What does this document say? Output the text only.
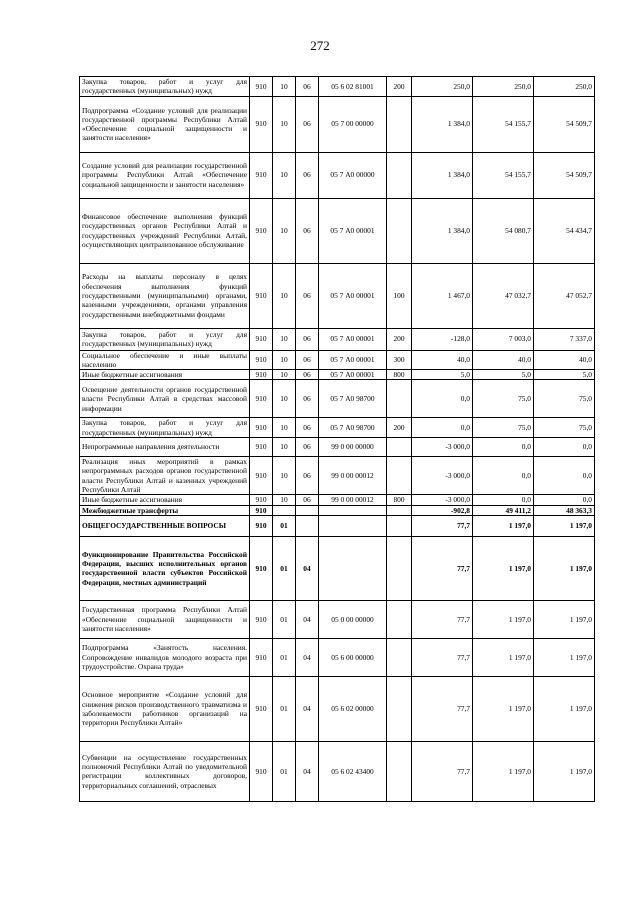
272
Закупка товаров, работ и услуг для государственных (муниципальных) нужд	910	10	06	05 6 02 81001	200	250,0	250,0	250,0
Подпрограмма «Создание условий для реализации государственной программы Республики Алтай «Обеспечение социальной защищенности и занятости населения»	910	10	06	05 7 00 00000		1 384,0	54 155,7	54 509,7
Создание условий для реализации государственной программы Республики Алтай «Обеспечение социальной защищенности и занятости населения»	910	10	06	05 7 А0 00000		1 384,0	54 155,7	54 509,7
Финансовое обеспечение выполнения функций государственных органов Республики Алтай и государственных учреждений Республики Алтай, осуществляющих централизованное обслуживание	910	10	06	05 7 А0 00001		1 384,0	54 080,7	54 434,7
Расходы на выплаты персоналу в целях обеспечения выполнения функций государственными (муниципальными) органами, казенными учреждениями, органами управления государственными внебюджетными фондами	910	10	06	05 7 А0 00001	100	1 467,0	47 032,7	47 052,7
Закупка товаров, работ и услуг для государственных (муниципальных) нужд	910	10	06	05 7 А0 00001	200	-128,0	7 003,0	7 337,0
Социальное обеспечение и иные выплаты населению	910	10	06	05 7 А0 00001	300	40,0	40,0	40,0
Иные бюджетные ассигнования	910	10	06	05 7 А0 00001	800	5,0	5,0	5,0
Освещение деятельности органов государственной власти Республики Алтай в средствах массовой информации	910	10	06	05 7 А0 98700		0,0	75,0	75,0
Закупка товаров, работ и услуг для государственных (муниципальных) нужд	910	10	06	05 7 А0 98700	200	0,0	75,0	75,0
Непрограммные направления деятельности	910	10	06	99 0 00 00000		-3 000,0	0,0	0,0
Реализация иных мероприятий в рамках непрограммных расходов органов государственной власти Республики Алтай и казенных учреждений Республики Алтай	910	10	06	99 0 00 00012		-3 000,0	0,0	0,0
Иные бюджетные ассигнования	910	10	06	99 0 00 00012	800	-3 000,0	0,0	0,0
Межбюджетные трансферты	910					-902,8	49 411,2	48 363,3
ОБЩЕГОСУДАРСТВЕННЫЕ ВОПРОСЫ	910	01				77,7	1 197,0	1 197,0
Функционирование Правительства Российской Федерации, высших исполнительных органов государственной власти субъектов Российской Федерации, местных администраций	910	01	04			77,7	1 197,0	1 197,0
Государственная программа Республики Алтай «Обеспечение социальной защищенности и занятости населения»	910	01	04	05 0 00 00000		77,7	1 197,0	1 197,0
Подпрограмма «Занятость населения. Сопровождение инвалидов молодого возраста при трудоустройстве. Охрана труда»	910	01	04	05 6 00 00000		77,7	1 197,0	1 197,0
Основное мероприятие «Создание условий для снижения рисков производственного травматизма и заболеваемости работников организаций на территории Республики Алтай»	910	01	04	05 6 02 00000		77,7	1 197,0	1 197,0
Субвенции на осуществление государственных полномочий Республики Алтай по уведомительной регистрации коллективных договоров, территориальных соглашений, отраслевых	910	01	04	05 6 02 43400		77,7	1 197,0	1 197,0
